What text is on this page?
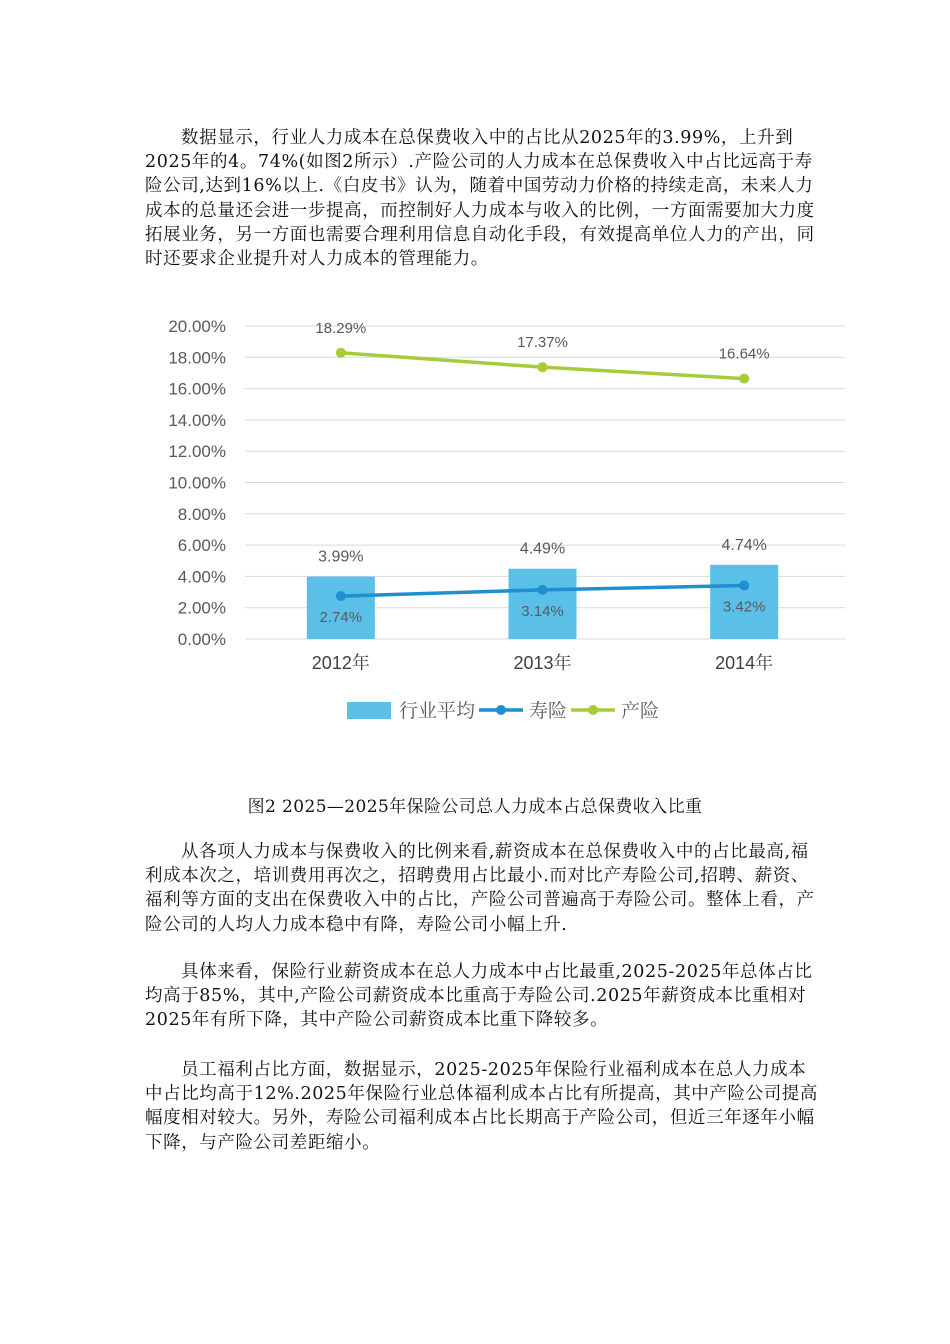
数据显示，行业人力成本在总保费收入中的占比从2025年的3.99%，上升到2025年的4。74%(如图2所示）.产险公司的人力成本在总保费收入中占比远高于寿险公司,达到16%以上.《白皮书》认为，随着中国劳动力价格的持续走高，未来人力成本的总量还会进一步提高，而控制好人力成本与收入的比例，一方面需要加大力度拓展业务，另一方面也需要合理利用信息自动化手段，有效提高单位人力的产出，同时还要求企业提升对人力成本的管理能力。

0.00%
2.00%
4.00%
6.00%
8.00%
10.00%
12.00%
14.00%
16.00%
18.00%
20.00%
3.99%	4.49%	4.74%
2.74%	3.14%	3.42%
18.29%
17.37%
16.64%
2012年	2013年	2014年
行业平均	寿险	产险
图2 2025—2025年保险公司总人力成本占总保费收入比重

从各项人力成本与保费收入的比例来看,薪资成本在总保费收入中的占比最高,福利成本次之，培训费用再次之，招聘费用占比最小.而对比产寿险公司,招聘、薪资、福利等方面的支出在保费收入中的占比，产险公司普遍高于寿险公司。整体上看，产险公司的人均人力成本稳中有降，寿险公司小幅上升.

具体来看，保险行业薪资成本在总人力成本中占比最重,2025-2025年总体占比均高于85%，其中,产险公司薪资成本比重高于寿险公司.2025年薪资成本比重相对2025年有所下降，其中产险公司薪资成本比重下降较多。

员工福利占比方面，数据显示，2025-2025年保险行业福利成本在总人力成本中占比均高于12%.2025年保险行业总体福利成本占比有所提高，其中产险公司提高幅度相对较大。另外，寿险公司福利成本占比长期高于产险公司，但近三年逐年小幅下降，与产险公司差距缩小。
